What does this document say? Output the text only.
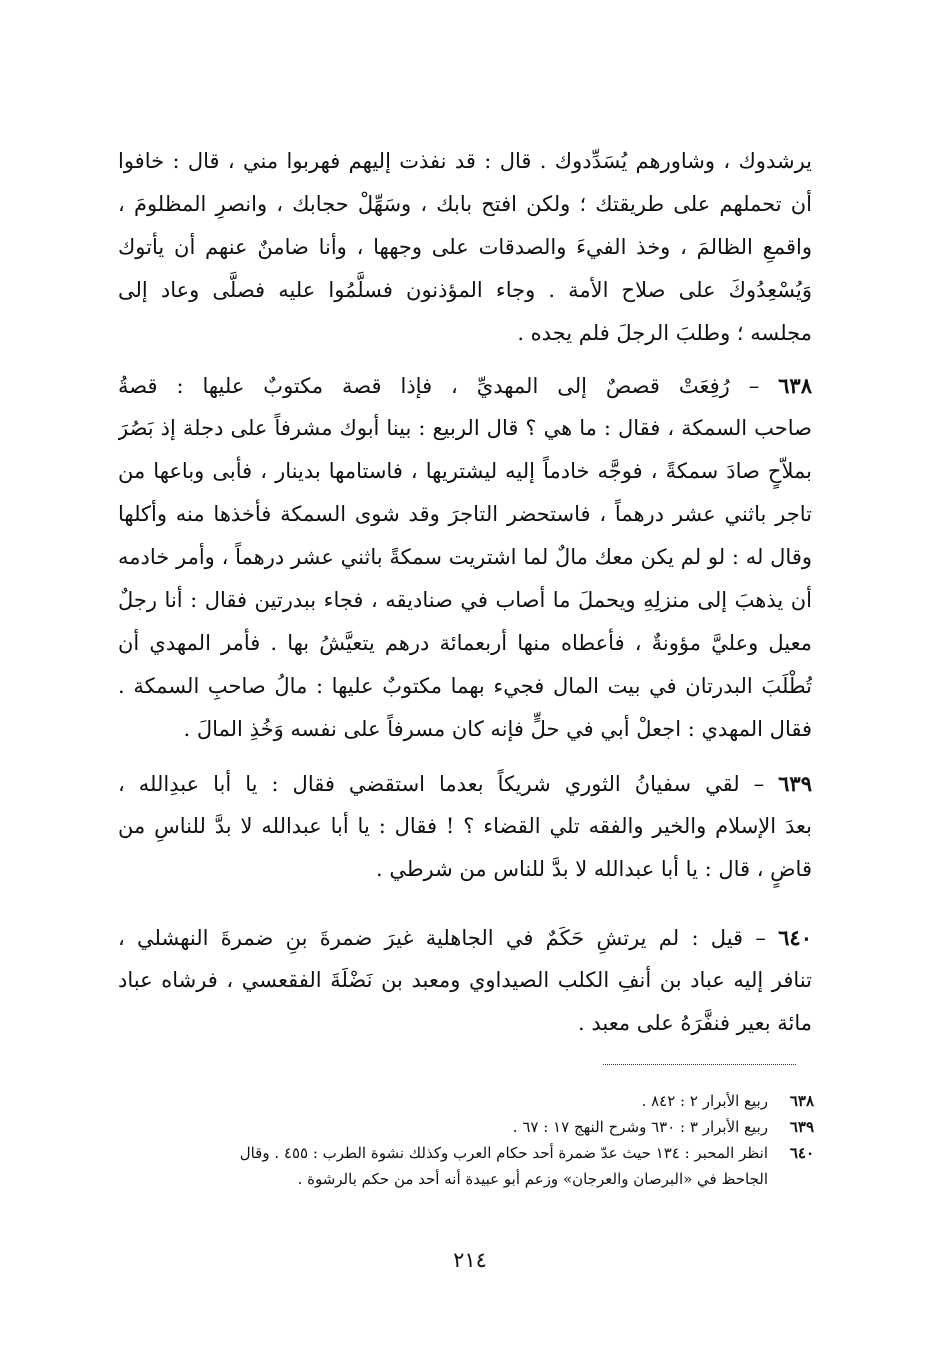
يرشدوك ، وشاورهم يُسَدِّدوك . قال : قد نفذت إليهم فهربوا مني ، قال : خافوا
أن تحملهم على طريقتك ؛ ولكن افتح بابك ، وسَهِّلْ حجابك ، وانصرِ المظلومَ ،
واقمعِ الظالمَ ، وخذ الفيءَ والصدقات على وجهها ، وأنا ضامنٌ عنهم أن يأتوك
وَيُسْعِدُوكَ على صلاح الأمة . وجاء المؤذنون فسلَّمُوا عليه فصلَّى وعاد إلى
مجلسه ؛ وطلبَ الرجلَ فلم يجده .
٦٣٨ – رُفِعَتْ قصصٌ إلى المهديِّ ، فإذا قصة مكتوبٌ عليها : قصةُ
صاحب السمكة ، فقال : ما هي ؟ قال الربيع : بينا أبوك مشرفاً على دجلة إذ بَصُرَ
بملاّحٍ صادَ سمكةً ، فوجَّه خادماً إليه ليشتريها ، فاستامها بدينار ، فأبى وباعها من
تاجر باثني عشر درهماً ، فاستحضر التاجرَ وقد شوى السمكة فأخذها منه وأكلها
وقال له : لو لم يكن معك مالٌ لما اشتريت سمكةً باثني عشر درهماً ، وأمر خادمه
أن يذهبَ إلى منزلِهِ ويحملَ ما أصاب في صناديقه ، فجاء ببدرتين فقال : أنا رجلٌ
معيل وعليَّ مؤونةٌ ، فأعطاه منها أربعمائة درهم يتعيَّشُ بها . فأمر المهدي أن
تُطْلَبَ البدرتان في بيت المال فجيء بهما مكتوبٌ عليها : مالُ صاحبِ السمكة .
فقال المهدي : اجعلْ أبي في حلٍّ فإنه كان مسرفاً على نفسه وَخُذِ المالَ .
٦٣٩ – لقي سفيانُ الثوري شريكاً بعدما استقضي فقال : يا أبا عبدِالله ،
بعدَ الإسلام والخير والفقه تلي القضاء ؟ ! فقال : يا أبا عبدالله لا بدَّ للناسِ من
قاضٍ ، قال : يا أبا عبدالله لا بدَّ للناس من شرطي .
٦٤٠ – قيل : لم يرتشِ حَكَمٌ في الجاهلية غيرَ ضمرةَ بنِ ضمرةَ النهشلي ،
تنافر إليه عباد بن أنفِ الكلب الصيداوي ومعبد بن نَضْلَةَ الفقعسي ، فرشاه عباد
مائة بعير فنفَّرَهُ على معبد .
٦٣٨ربيع الأبرار ٢ : ٨٤٢ .
٦٣٩ربيع الأبرار ٣ : ٦٣٠ وشرح النهج ١٧ : ٦٧ .
٦٤٠انظر المحبر : ١٣٤ حيث عدّ ضمرة أحد حكام العرب وكذلك نشوة الطرب : ٤٥٥ . وقال
الجاحظ في «البرصان والعرجان» وزعم أبو عبيدة أنه أحد من حكم بالرشوة .
٢١٤
